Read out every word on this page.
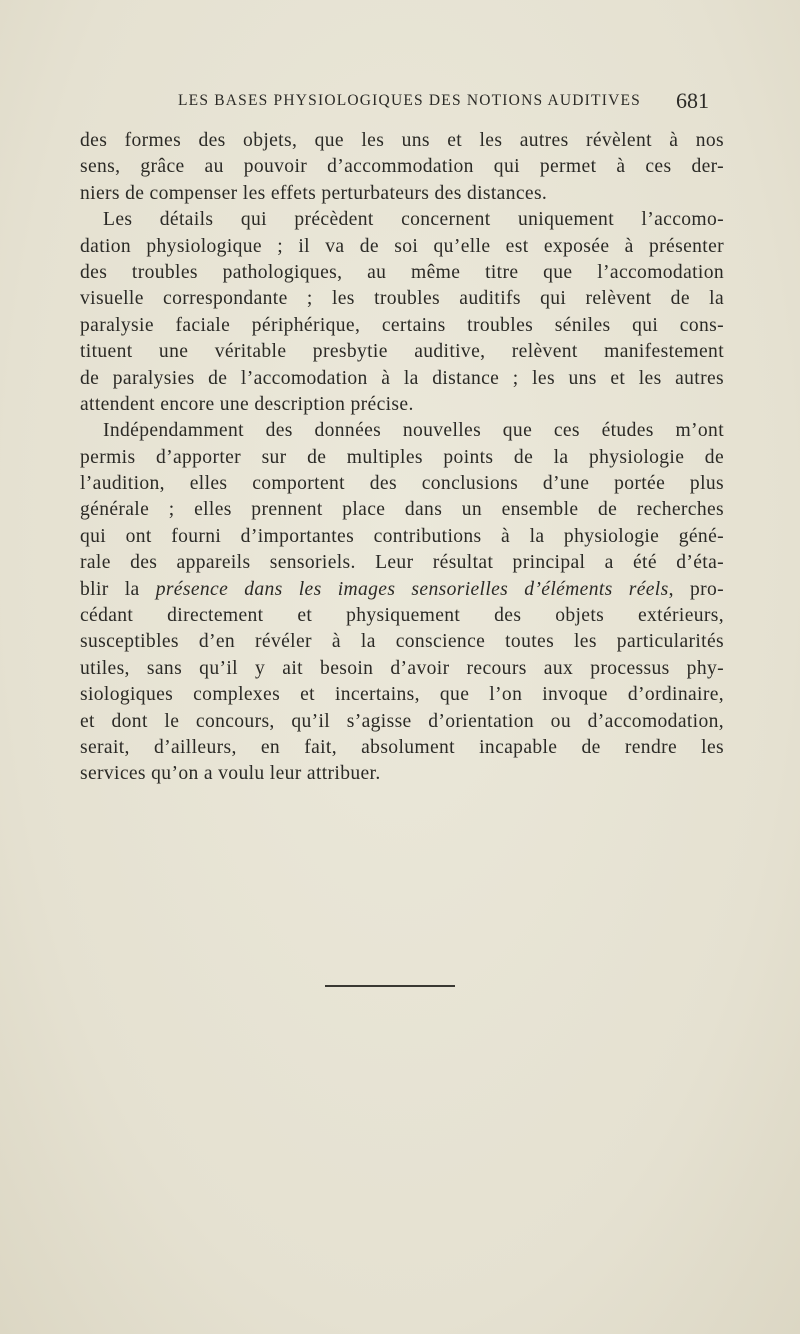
LES BASES PHYSIOLOGIQUES DES NOTIONS AUDITIVES 681
des formes des objets, que les uns et les autres révèlent à nos
sens, grâce au pouvoir d’accommodation qui permet à ces der-
niers de compenser les effets perturbateurs des distances.
Les détails qui précèdent concernent uniquement l’accomo-
dation physiologique ; il va de soi qu’elle est exposée à présenter
des troubles pathologiques, au même titre que l’accomodation
visuelle correspondante ; les troubles auditifs qui relèvent de la
paralysie faciale périphérique, certains troubles séniles qui cons-
tituent une véritable presbytie auditive, relèvent manifestement
de paralysies de l’accomodation à la distance ; les uns et les autres
attendent encore une description précise.
Indépendamment des données nouvelles que ces études m’ont
permis d’apporter sur de multiples points de la physiologie de
l’audition, elles comportent des conclusions d’une portée plus
générale ; elles prennent place dans un ensemble de recherches
qui ont fourni d’importantes contributions à la physiologie géné-
rale des appareils sensoriels. Leur résultat principal a été d’éta-
blir la présence dans les images sensorielles d’éléments réels, pro-
cédant directement et physiquement des objets extérieurs,
susceptibles d’en révéler à la conscience toutes les particularités
utiles, sans qu’il y ait besoin d’avoir recours aux processus phy-
siologiques complexes et incertains, que l’on invoque d’ordinaire,
et dont le concours, qu’il s’agisse d’orientation ou d’accomodation,
serait, d’ailleurs, en fait, absolument incapable de rendre les
services qu’on a voulu leur attribuer.
